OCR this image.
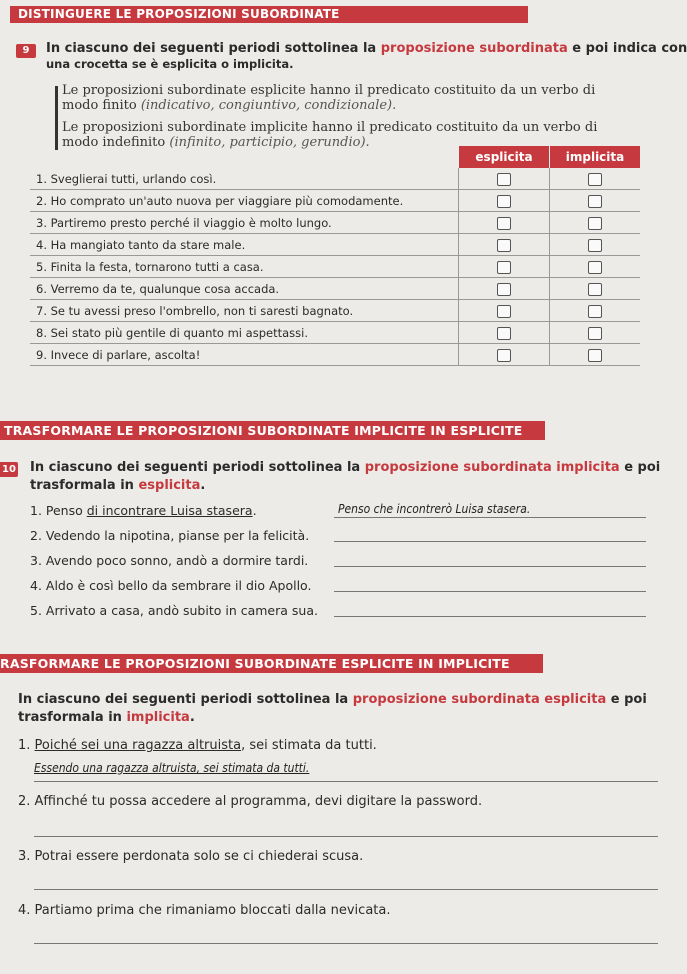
DISTINGUERE LE PROPOSIZIONI SUBORDINATE
9	In ciascuno dei seguenti periodi sottolinea la proposizione subordinata e poi indica con
una crocetta se è esplicita o implicita.
Le proposizioni subordinate esplicite hanno il predicato costituito da un verbo di
modo finito (indicativo, congiuntivo, condizionale).
Le proposizioni subordinate implicite hanno il predicato costituito da un verbo di
modo indefinito (infinito, participio, gerundio).
	esplicita	implicita
1. Sveglierai tutti, urlando così.		
2. Ho comprato un'auto nuova per viaggiare più comodamente.		
3. Partiremo presto perché il viaggio è molto lungo.		
4. Ha mangiato tanto da stare male.		
5. Finita la festa, tornarono tutti a casa.		
6. Verremo da te, qualunque cosa accada.		
7. Se tu avessi preso l'ombrello, non ti saresti bagnato.		
8. Sei stato più gentile di quanto mi aspettassi.		
9. Invece di parlare, ascolta!		
TRASFORMARE LE PROPOSIZIONI SUBORDINATE IMPLICITE IN ESPLICITE
10 In ciascuno dei seguenti periodi sottolinea la proposizione subordinata implicita e poi
trasformala in esplicita.
1. Penso di incontrare Luisa stasera.	Penso che incontrerò Luisa stasera.
2. Vedendo la nipotina, pianse per la felicità.
3. Avendo poco sonno, andò a dormire tardi.
4. Aldo è così bello da sembrare il dio Apollo.
5. Arrivato a casa, andò subito in camera sua.
RASFORMARE LE PROPOSIZIONI SUBORDINATE ESPLICITE IN IMPLICITE
In ciascuno dei seguenti periodi sottolinea la proposizione subordinata esplicita e poi
trasformala in implicita.
1. Poiché sei una ragazza altruista, sei stimata da tutti.
Essendo una ragazza altruista, sei stimata da tutti.
2. Affinché tu possa accedere al programma, devi digitare la password.
3. Potrai essere perdonata solo se ci chiederai scusa.
4. Partiamo prima che rimaniamo bloccati dalla nevicata.
